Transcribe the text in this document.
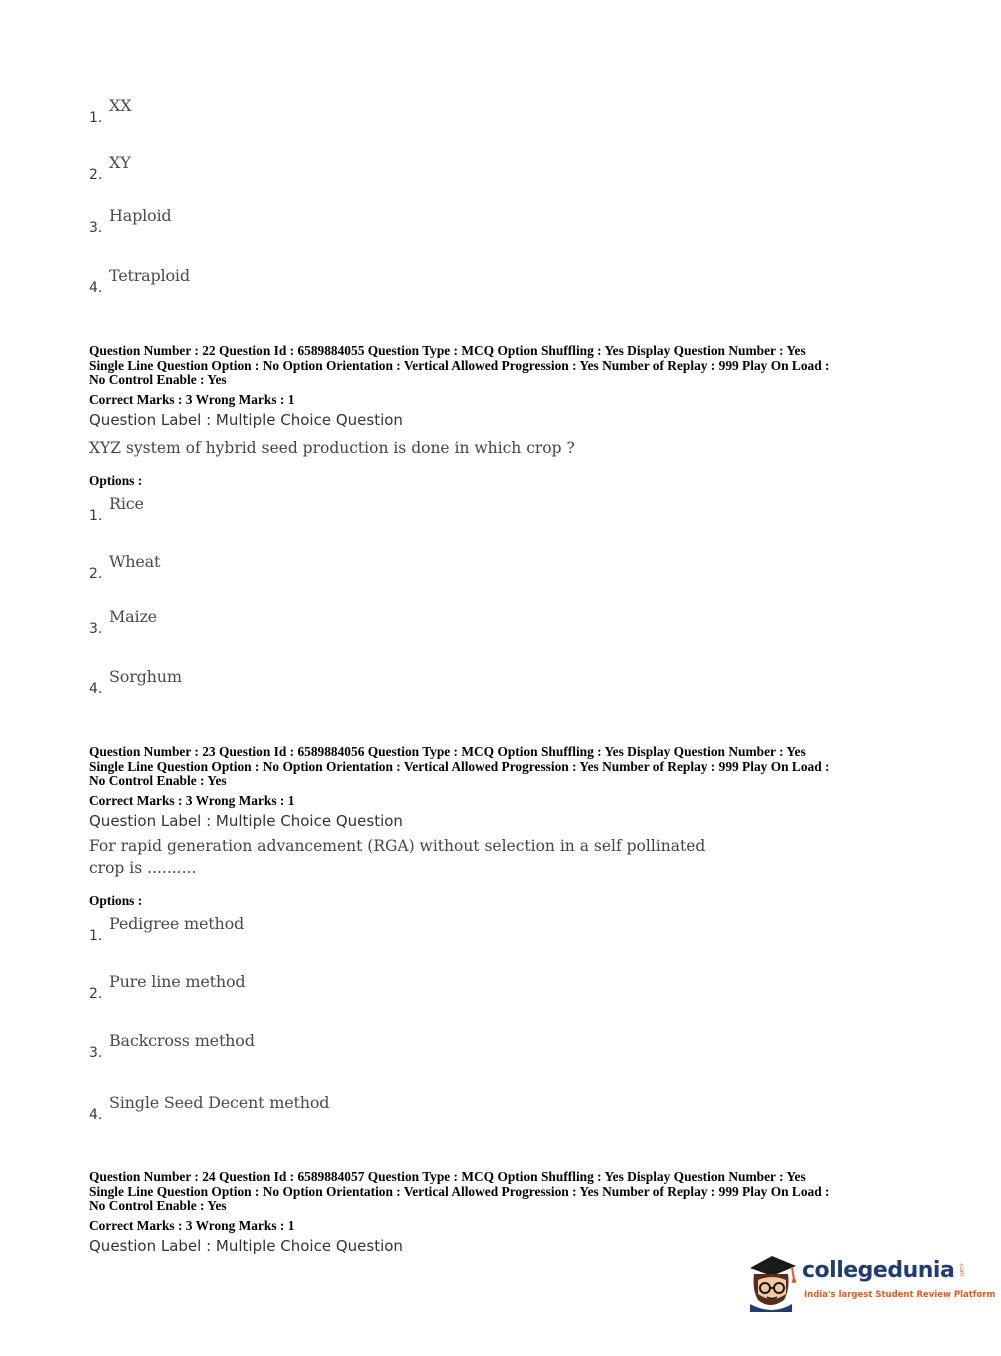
1.
XX
2.
XY
3.
Haploid
4.
Tetraploid
Question Number : 22 Question Id : 6589884055 Question Type : MCQ Option Shuffling : Yes Display Question Number : Yes
Single Line Question Option : No Option Orientation : Vertical Allowed Progression : Yes Number of Replay : 999 Play On Load :
No Control Enable : Yes
Correct Marks : 3 Wrong Marks : 1
Question Label : Multiple Choice Question
XYZ system of hybrid seed production is done in which crop ?
Options :
1.
Rice
2.
Wheat
3.
Maize
4.
Sorghum
Question Number : 23 Question Id : 6589884056 Question Type : MCQ Option Shuffling : Yes Display Question Number : Yes
Single Line Question Option : No Option Orientation : Vertical Allowed Progression : Yes Number of Replay : 999 Play On Load :
No Control Enable : Yes
Correct Marks : 3 Wrong Marks : 1
Question Label : Multiple Choice Question
For rapid generation advancement (RGA) without selection in a self pollinated
crop is ..........
Options :
1.
Pedigree method
2.
Pure line method
3.
Backcross method
4.
Single Seed Decent method
Question Number : 24 Question Id : 6589884057 Question Type : MCQ Option Shuffling : Yes Display Question Number : Yes
Single Line Question Option : No Option Orientation : Vertical Allowed Progression : Yes Number of Replay : 999 Play On Load :
No Control Enable : Yes
Correct Marks : 3 Wrong Marks : 1
Question Label : Multiple Choice Question
collegedunia .com
India's largest Student Review Platform
